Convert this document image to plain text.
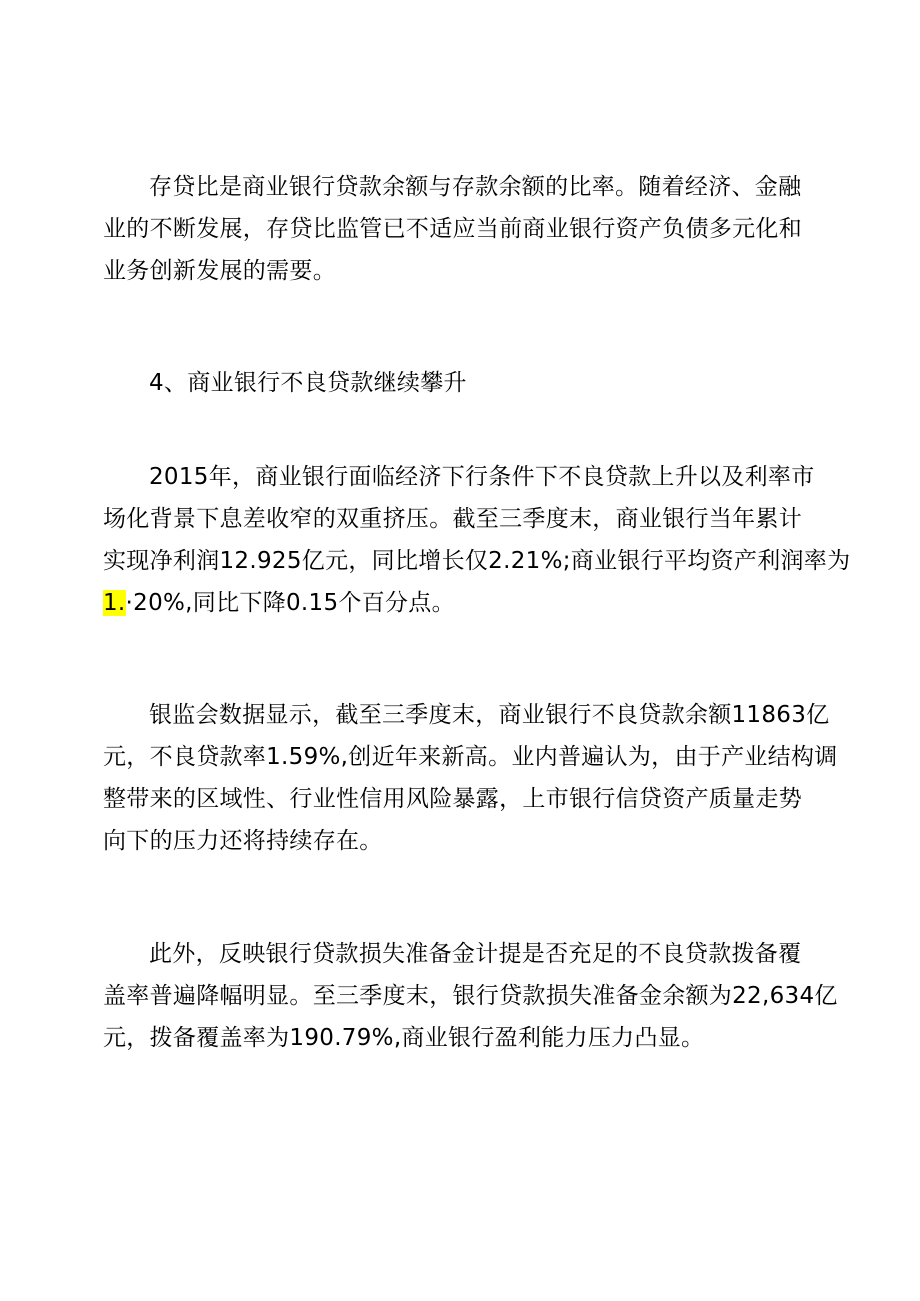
存贷比是商业银行贷款余额与存款余额的比率。随着经济、金融
业的不断发展，存贷比监管已不适应当前商业银行资产负债多元化和
业务创新发展的需要。

4、商业银行不良贷款继续攀升

2015年，商业银行面临经济下行条件下不良贷款上升以及利率市
场化背景下息差收窄的双重挤压。截至三季度末，商业银行当年累计
实现净利润12.925亿元，同比增长仅2.21%;商业银行平均资产利润率为
1.·20%,同比下降0.15个百分点。

银监会数据显示，截至三季度末，商业银行不良贷款余额11863亿
元，不良贷款率1.59%,创近年来新高。业内普遍认为，由于产业结构调
整带来的区域性、行业性信用风险暴露，上市银行信贷资产质量走势
向下的压力还将持续存在。

此外，反映银行贷款损失准备金计提是否充足的不良贷款拨备覆
盖率普遍降幅明显。至三季度末，银行贷款损失准备金余额为22,634亿
元，拨备覆盖率为190.79%,商业银行盈利能力压力凸显。
